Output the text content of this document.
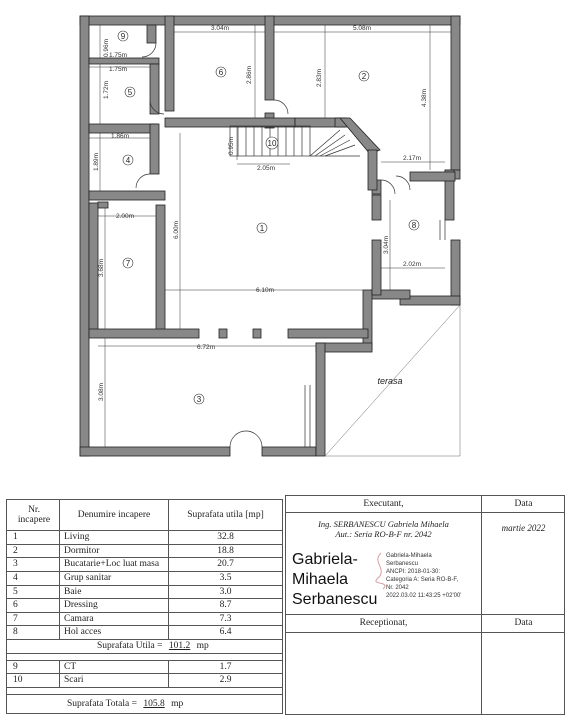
0.96m
1.75m
1.75m
1.72m
3.04m
2.86m
5.08m
2.83m
4.38m
0.95m
2.05m
2.17m
1.86m
1.89m
2.00m
3.68m
6.00m
6.10m
3.04m
2.02m
6.72m
3.08m
9
5
6	2
10
4
1	8
7
3
terasa
Nr. incapere	Denumire incapere	Suprafata utila [mp]
1	Living	32.8
2	Dormitor	18.8
3	Bucatarie+Loc luat masa	20.7
4	Grup sanitar	3.5
5	Baie	3.0
6	Dressing	8.7
7	Camara	7.3
8	Hol acces	6.4
Suprafata Utila = 101.2 mp		

9	CT	1.7
10	Scari	2.9

Suprafata Totala = 105.8 mp		
Executant,	Data
Ing. SERBANESCU Gabriela Mihaela
Aut.: Seria RO-B-F nr. 2042
martie 2022
Gabriela-
Mihaela
Serbanescu
Gabriela-Mihaela
Serbanescu
ANCPI: 2018-01-30:
Categoria A: Seria RO-B-F,
Nr. 2042
2022.03.02 11:43:25 +02'00'
Receptionat,	Data
